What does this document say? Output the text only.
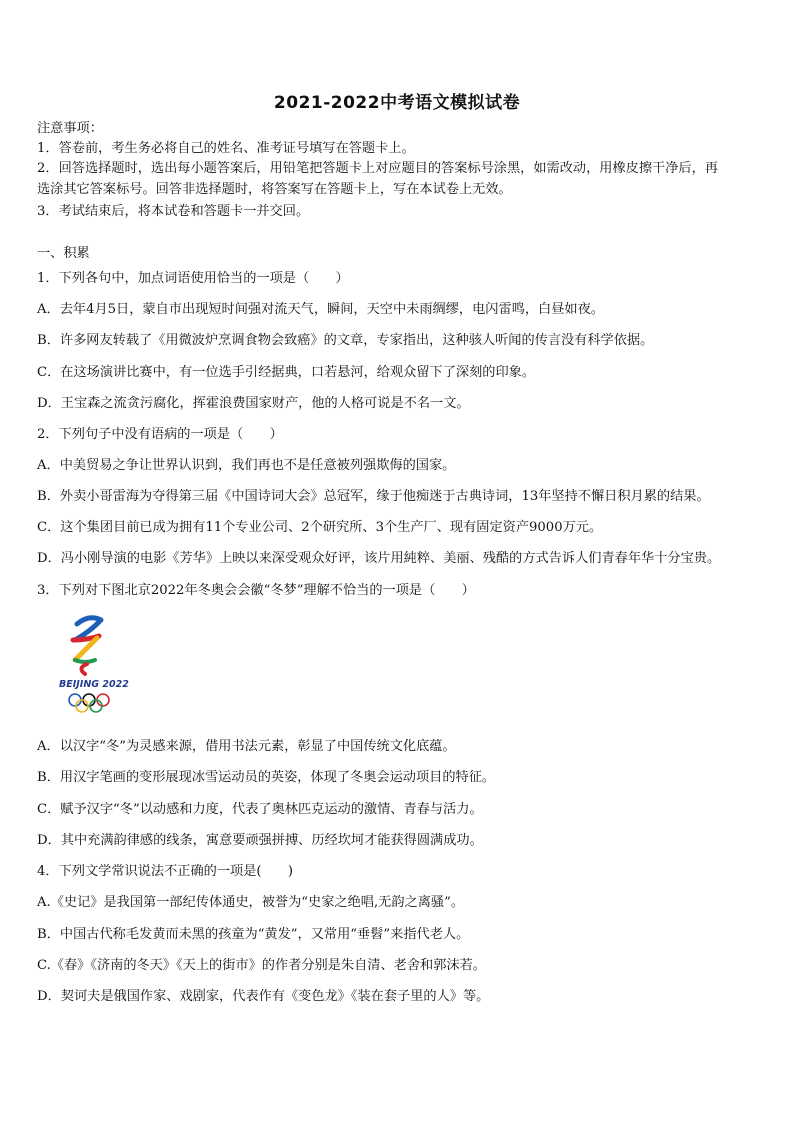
2021-2022中考语文模拟试卷
注意事项：
1．答卷前，考生务必将自己的姓名、准考证号填写在答题卡上。
2．回答选择题时，选出每小题答案后，用铅笔把答题卡上对应题目的答案标号涂黑，如需改动，用橡皮擦干净后，再
选涂其它答案标号。回答非选择题时，将答案写在答题卡上，写在本试卷上无效。
3．考试结束后，将本试卷和答题卡一并交回。
一、积累
1．下列各句中，加点词语使用恰当的一项是（　　）
A．去年4月5日，蒙自市出现短时间强对流天气，瞬间，天空中未雨绸缪，电闪雷鸣，白昼如夜。
B．许多网友转载了《用微波炉烹调食物会致癌》的文章，专家指出，这种骇人听闻的传言没有科学依据。
C．在这场演讲比赛中，有一位选手引经据典，口若悬河，给观众留下了深刻的印象。
D．王宝森之流贪污腐化，挥霍浪费国家财产，他的人格可说是不名一文。
2．下列句子中没有语病的一项是（　　）
A．中美贸易之争让世界认识到，我们再也不是任意被列强欺侮的国家。
B．外卖小哥雷海为夺得第三届《中国诗词大会》总冠军，缘于他痴迷于古典诗词，13年坚持不懈日积月累的结果。
C．这个集团目前已成为拥有11个专业公司、2个研究所、3个生产厂、现有固定资产9000万元。
D．冯小刚导演的电影《芳华》上映以来深受观众好评，该片用純粹、美丽、残酷的方式告诉人们青春年华十分宝贵。
3．下列对下图北京2022年冬奥会会徽“冬梦”理解不恰当的一项是（　　）
BEIJING 2022
A．以汉字“冬”为灵感来源，借用书法元素，彰显了中国传统文化底蕴。
B．用汉字笔画的变形展现冰雪运动员的英姿，体现了冬奥会运动项目的特征。
C．赋予汉字“冬”以动感和力度，代表了奥林匹克运动的激情、青春与活力。
D．其中充满韵律感的线条，寓意要顽强拼搏、历经坎坷才能获得圆满成功。
4．下列文学常识说法不正确的一项是(　　)
A.《史记》是我国第一部纪传体通史，被誉为“史家之绝唱,无韵之离骚”。
B．中国古代称毛发黄而未黑的孩童为“黄发”，又常用“垂髫”来指代老人。
C.《春》《济南的冬天》《天上的街市》的作者分别是朱自清、老舍和郭沫若。
D．契诃夫是俄国作家、戏剧家，代表作有《变色龙》《装在套子里的人》等。
